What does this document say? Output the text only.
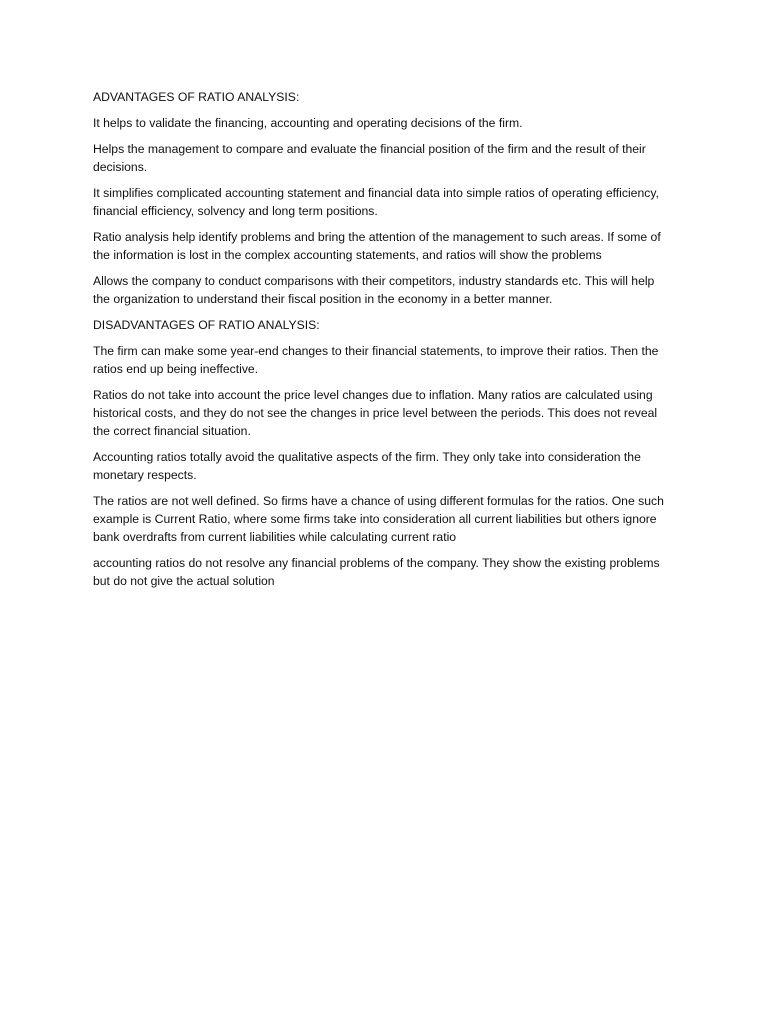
ADVANTAGES OF RATIO ANALYSIS:

It helps to validate the financing, accounting and operating decisions of the firm.

Helps the management to compare and evaluate the financial position of the firm and the result of their decisions.

It simplifies complicated accounting statement and financial data into simple ratios of operating efficiency, financial efficiency, solvency and long term positions.

Ratio analysis help identify problems and bring the attention of the management to such areas. If some of the information is lost in the complex accounting statements, and ratios will show the problems

Allows the company to conduct comparisons with their competitors, industry standards etc. This will help the organization to understand their fiscal position in the economy in a better manner.

DISADVANTAGES OF RATIO ANALYSIS:

The firm can make some year-end changes to their financial statements, to improve their ratios. Then the ratios end up being ineffective.

Ratios do not take into account the price level changes due to inflation. Many ratios are calculated using historical costs, and they do not see the changes in price level between the periods. This does not reveal the correct financial situation.

Accounting ratios totally avoid the qualitative aspects of the firm. They only take into consideration the monetary respects.

The ratios are not well defined. So firms have a chance of using different formulas for the ratios. One such example is Current Ratio, where some firms take into consideration all current liabilities but others ignore bank overdrafts from current liabilities while calculating current ratio

accounting ratios do not resolve any financial problems of the company. They show the existing problems but do not give the actual solution
